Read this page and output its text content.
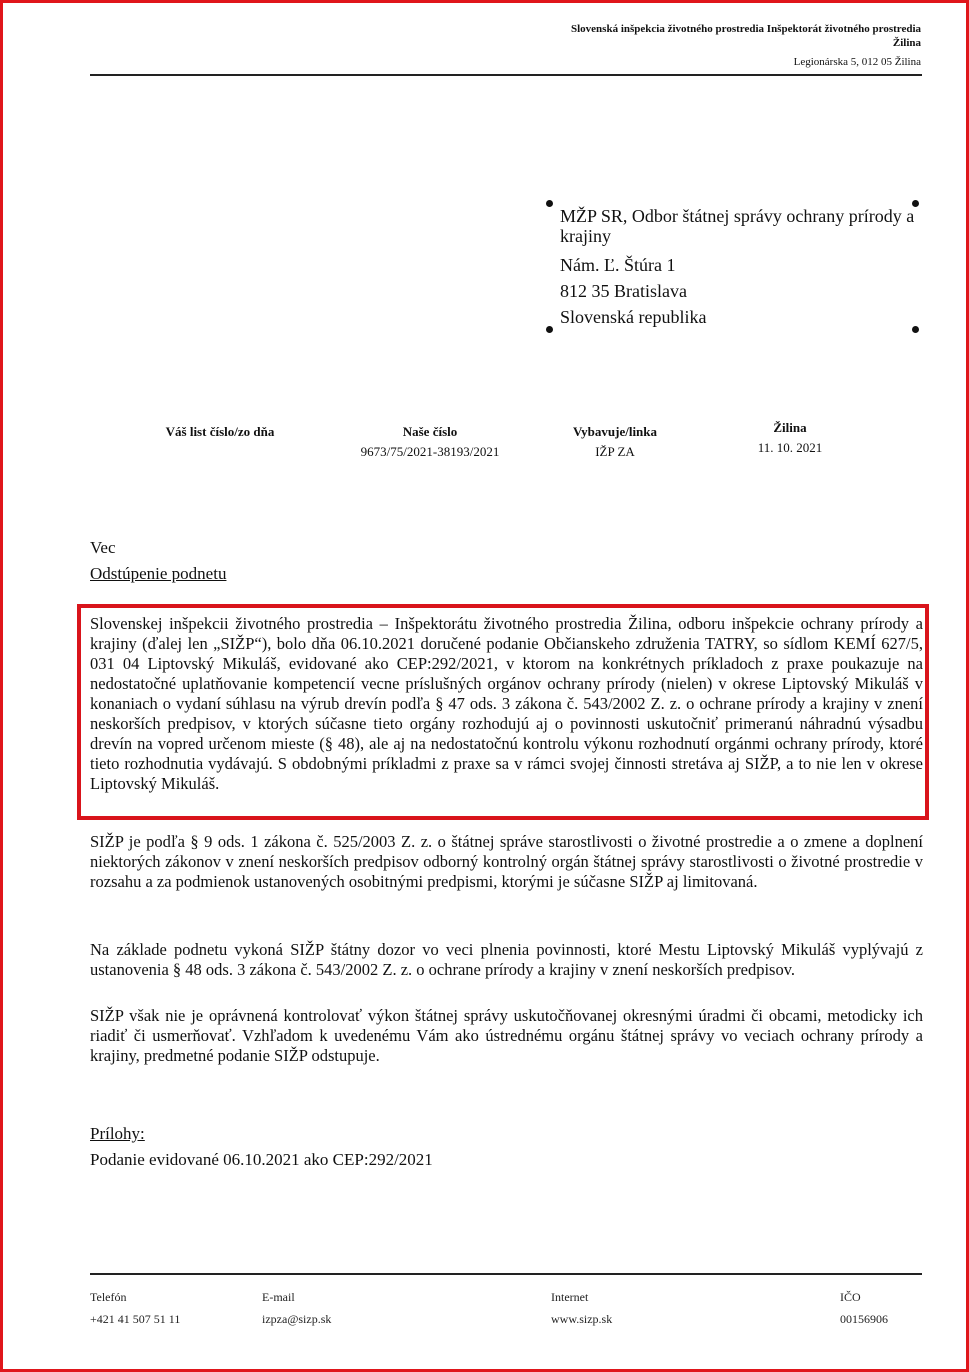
Slovenská inšpekcia životného prostredia Inšpektorát životného prostredia
Žilina
Legionárska 5, 012 05 Žilina
MŽP SR, Odbor štátnej správy ochrany prírody a krajiny
Nám. Ľ. Štúra 1
812 35 Bratislava
Slovenská republika
Váš list číslo/zo dňa	Naše číslo
9673/75/2021-38193/2021
Vybavuje/linka
IŽP ZA
Žilina
11. 10. 2021
Vec
Odstúpenie podnetu
Slovenskej inšpekcii životného prostredia – Inšpektorátu životného prostredia Žilina, odboru inšpekcie ochrany prírody a krajiny (ďalej len „SIŽP“), bolo dňa 06.10.2021 doručené podanie Občianskeho združenia TATRY, so sídlom KEMÍ 627/5, 031 04 Liptovský Mikuláš, evidované ako CEP:292/2021, v ktorom na konkrétnych príkladoch z praxe poukazuje na nedostatočné uplatňovanie kompetencií vecne príslušných orgánov ochrany prírody (nielen) v okrese Liptovský Mikuláš v konaniach o vydaní súhlasu na výrub drevín podľa § 47 ods. 3 zákona č. 543/2002 Z. z. o ochrane prírody a krajiny v znení neskorších predpisov, v ktorých súčasne tieto orgány rozhodujú aj o povinnosti uskutočniť primeranú náhradnú výsadbu drevín na vopred určenom mieste (§ 48), ale aj na nedostatočnú kontrolu výkonu rozhodnutí orgánmi ochrany prírody, ktoré tieto rozhodnutia vydávajú. S obdobnými príkladmi z praxe sa v rámci svojej činnosti stretáva aj SIŽP, a to nie len v okrese Liptovský Mikuláš.
SIŽP je podľa § 9 ods. 1 zákona č. 525/2003 Z. z. o štátnej správe starostlivosti o životné prostredie a o zmene a doplnení niektorých zákonov v znení neskorších predpisov odborný kontrolný orgán štátnej správy starostlivosti o životné prostredie v rozsahu a za podmienok ustanovených osobitnými predpismi, ktorými je súčasne SIŽP aj limitovaná.
Na základe podnetu vykoná SIŽP štátny dozor vo veci plnenia povinnosti, ktoré Mestu Liptovský Mikuláš vyplývajú z ustanovenia § 48 ods. 3 zákona č. 543/2002 Z. z. o ochrane prírody a krajiny v znení neskorších predpisov.
SIŽP však nie je oprávnená kontrolovať výkon štátnej správy uskutočňovanej okresnými úradmi či obcami, metodicky ich riadiť či usmerňovať. Vzhľadom k uvedenému Vám ako ústrednému orgánu štátnej správy vo veciach ochrany prírody a krajiny, predmetné podanie SIŽP odstupuje.
Prílohy:
Podanie evidované 06.10.2021 ako CEP:292/2021
Telefón
+421 41 507 51 11
E-mail
izpza@sizp.sk
Internet
www.sizp.sk
IČO
00156906
